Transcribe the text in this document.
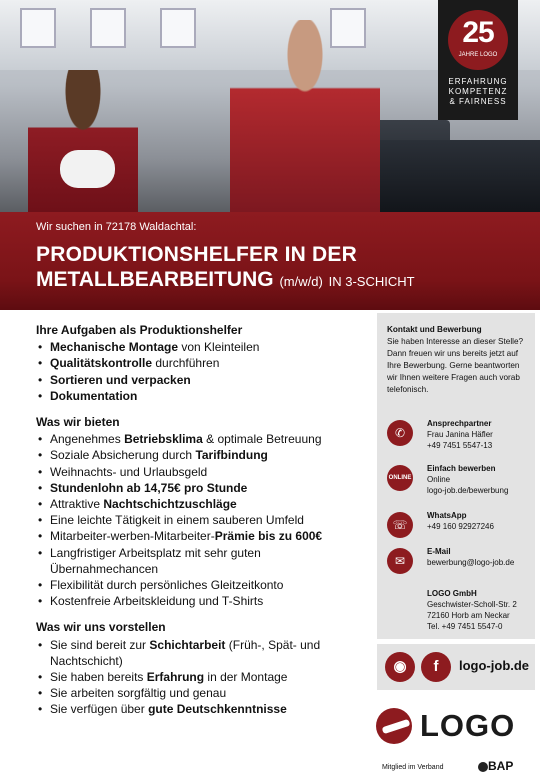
25
JAHRE LOGO
ERFAHRUNG
KOMPETENZ
& FAIRNESS
Wir suchen in 72178 Waldachtal:
PRODUKTIONSHELFER IN DER
METALLBEARBEITUNG (m/w/d) IN 3-SCHICHT
Ihre Aufgaben als Produktionshelfer
• Mechanische Montage von Kleinteilen
• Qualitätskontrolle durchführen
• Sortieren und verpacken
• Dokumentation
Was wir bieten
• Angenehmes Betriebsklima & optimale Betreuung
• Soziale Absicherung durch Tarifbindung
• Weihnachts- und Urlaubsgeld
• Stundenlohn ab 14,75€ pro Stunde
• Attraktive Nachtschichtzuschläge
• Eine leichte Tätigkeit in einem sauberen Umfeld
• Mitarbeiter-werben-Mitarbeiter-Prämie bis zu 600€
• Langfristiger Arbeitsplatz mit sehr guten Übernahmechancen
• Flexibilität durch persönliches Gleitzeitkonto
• Kostenfreie Arbeitskleidung und T-Shirts
Was wir uns vorstellen
• Sie sind bereit zur Schichtarbeit (Früh-, Spät- und Nachtschicht)
• Sie haben bereits Erfahrung in der Montage
• Sie arbeiten sorgfältig und genau
• Sie verfügen über gute Deutschkenntnisse
Kontakt und Bewerbung
Sie haben Interesse an dieser Stelle? Dann freuen wir uns bereits jetzt auf Ihre Bewerbung. Gerne beantworten wir Ihnen weitere Fragen auch vorab telefonisch.
✆
Ansprechpartner
Frau Janina Häfler
+49 7451 5547-13
ONLINE
Einfach bewerben
Online
logo-job.de/bewerbung
☏
WhatsApp
+49 160 92927246
✉
E-Mail
bewerbung@logo-job.de
LOGO GmbH
Geschwister-Scholl-Str. 2
72160 Horb am Neckar
Tel. +49 7451 5547-0
◉	f	logo-job.de
LOGO
Mitglied im Verband	BAP
